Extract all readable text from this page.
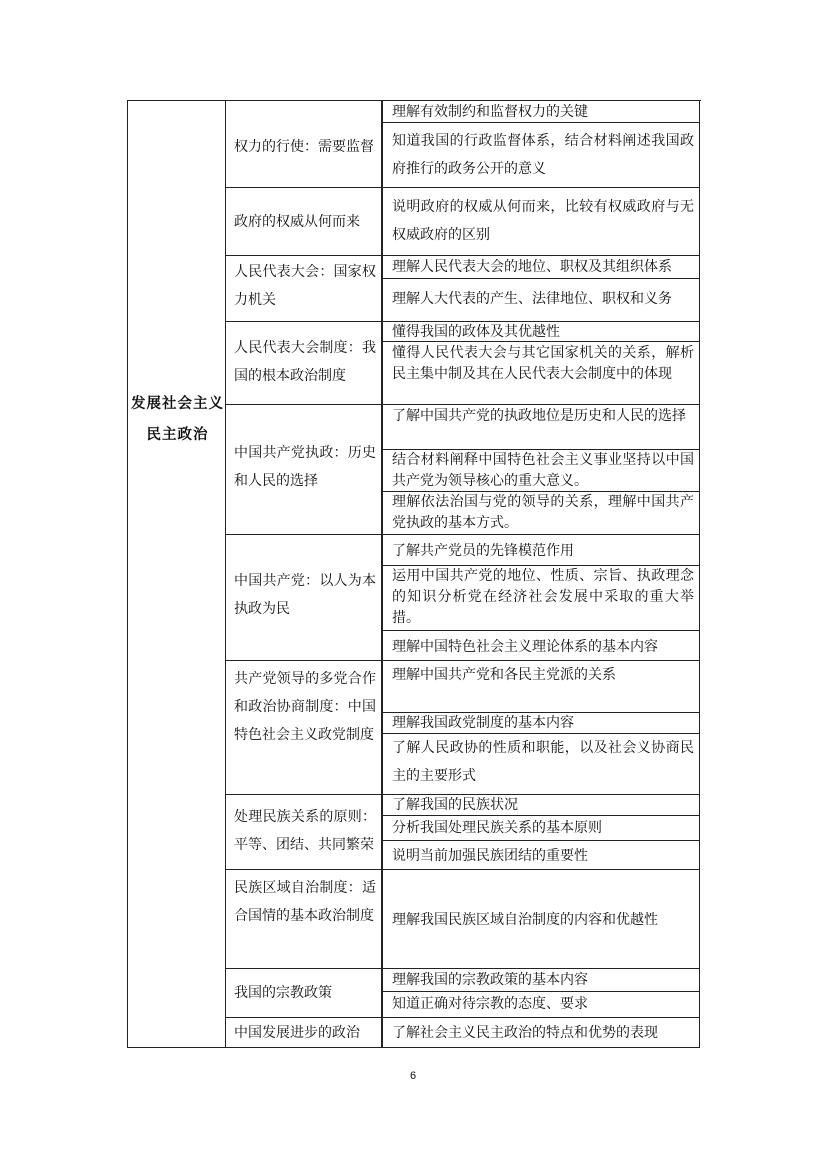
发展社会主义民主政治
权力的行使：需要监督
政府的权威从何而来
人民代表大会：国家权力机关
人民代表大会制度：我国的根本政治制度
中国共产党执政：历史和人民的选择
中国共产党：以人为本执政为民
共产党领导的多党合作和政治协商制度：中国特色社会主义政党制度
处理民族关系的原则：平等、团结、共同繁荣
民族区域自治制度：适合国情的基本政治制度
我国的宗教政策
中国发展进步的政治
理解有效制约和监督权力的关键
知道我国的行政监督体系，结合材料阐述我国政府推行的政务公开的意义
说明政府的权威从何而来，比较有权威政府与无权威政府的区别
理解人民代表大会的地位、职权及其组织体系
理解人大代表的产生、法律地位、职权和义务
懂得我国的政体及其优越性
懂得人民代表大会与其它国家机关的关系，解析民主集中制及其在人民代表大会制度中的体现
了解中国共产党的执政地位是历史和人民的选择
结合材料阐释中国特色社会主义事业坚持以中国共产党为领导核心的重大意义。
理解依法治国与党的领导的关系，理解中国共产党执政的基本方式。
了解共产党员的先锋模范作用
运用中国共产党的地位、性质、宗旨、执政理念的知识分析党在经济社会发展中采取的重大举措。
理解中国特色社会主义理论体系的基本内容
理解中国共产党和各民主党派的关系
理解我国政党制度的基本内容
了解人民政协的性质和职能，以及社会义协商民主的主要形式
了解我国的民族状况
分析我国处理民族关系的基本原则
说明当前加强民族团结的重要性
理解我国民族区域自治制度的内容和优越性
理解我国的宗教政策的基本内容
知道正确对待宗教的态度、要求
了解社会主义民主政治的特点和优势的表现
6
